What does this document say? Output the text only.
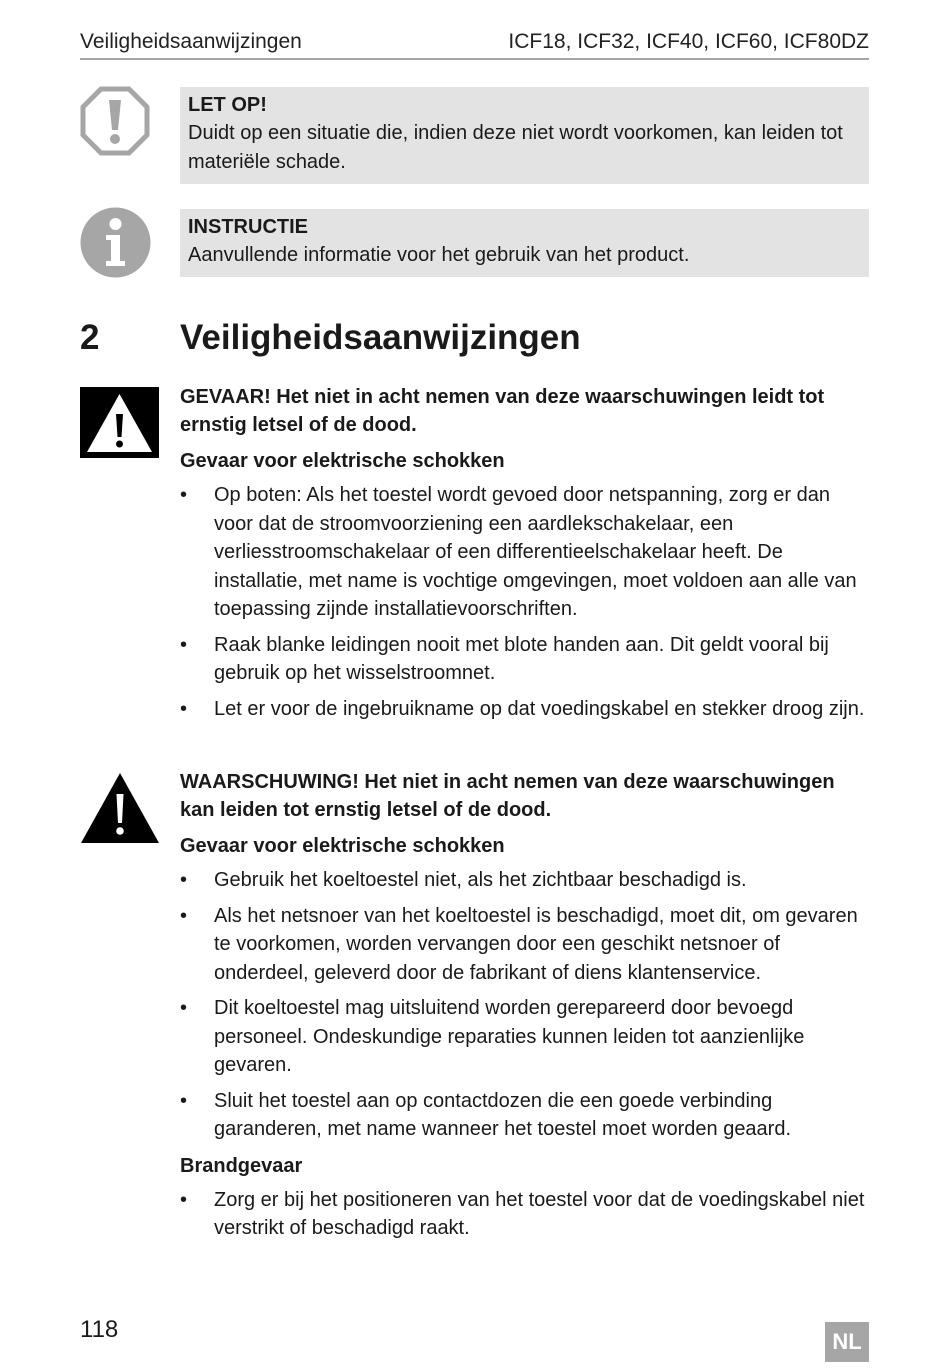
Veiligheidsaanwijzingen	ICF18, ICF32, ICF40, ICF60, ICF80DZ
LET OP!
Duidt op een situatie die, indien deze niet wordt voorkomen, kan leiden tot materiële schade.
INSTRUCTIE
Aanvullende informatie voor het gebruik van het product.
2 Veiligheidsaanwijzingen

GEVAAR! Het niet in acht nemen van deze waarschuwingen leidt tot ernstig letsel of de dood.

Gevaar voor elektrische schokken
• Op boten: Als het toestel wordt gevoed door netspanning, zorg er dan voor dat de stroomvoorziening een aardlekschakelaar, een verliesstroomschakelaar of een differentieelschakelaar heeft. De installatie, met name is vochtige omgevingen, moet voldoen aan alle van toepassing zijnde installatievoorschriften.
• Raak blanke leidingen nooit met blote handen aan. Dit geldt vooral bij gebruik op het wisselstroomnet.
• Let er voor de ingebruikname op dat voedingskabel en stekker droog zijn.

WAARSCHUWING! Het niet in acht nemen van deze waarschuwingen kan leiden tot ernstig letsel of de dood.

Gevaar voor elektrische schokken
• Gebruik het koeltoestel niet, als het zichtbaar beschadigd is.
• Als het netsnoer van het koeltoestel is beschadigd, moet dit, om gevaren te voorkomen, worden vervangen door een geschikt netsnoer of onderdeel, geleverd door de fabrikant of diens klantenservice.
• Dit koeltoestel mag uitsluitend worden gerepareerd door bevoegd personeel. Ondeskundige reparaties kunnen leiden tot aanzienlijke gevaren.
• Sluit het toestel aan op contactdozen die een goede verbinding garanderen, met name wanneer het toestel moet worden geaard.
Brandgevaar
• Zorg er bij het positioneren van het toestel voor dat de voedingskabel niet verstrikt of beschadigd raakt.
118	NL
